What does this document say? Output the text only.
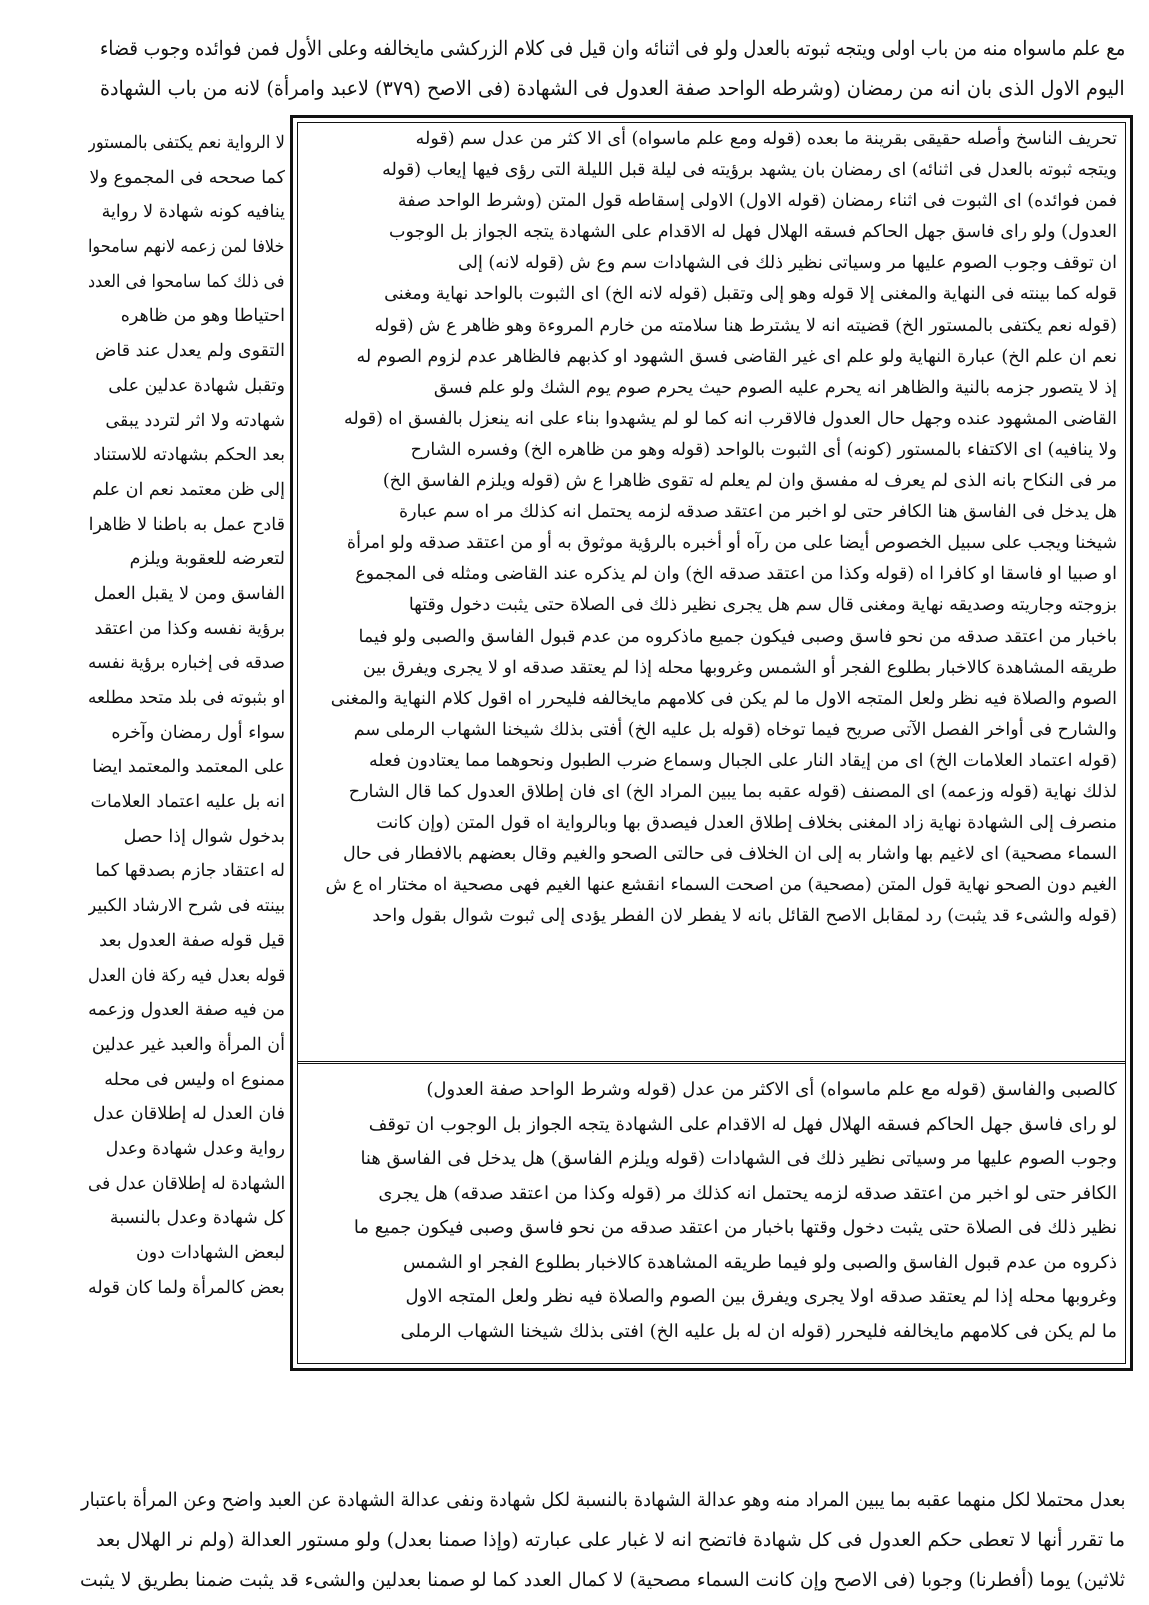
مع علم ماسواه منه من باب اولى ويتجه ثبوته بالعدل ولو فى اثنائه وان قيل فى كلام الزركشى مايخالفه وعلى الأول فمن فوائده وجوب قضاء
اليوم الاول الذى بان انه من رمضان (وشرطه الواحد صفة العدول فى الشهادة (فى الاصح (٣٧٩) لاعبد وامرأة) لانه من باب الشهادة
تحريف الناسخ وأصله حقيقى بقرينة ما بعده (قوله ومع علم ماسواه) أى الا كثر من عدل سم (قوله
ويتجه ثبوته بالعدل فى اثنائه) اى رمضان بان يشهد برؤيته فى ليلة قبل الليلة التى رؤى فيها إيعاب (قوله
فمن فوائده) اى الثبوت فى اثناء رمضان (قوله الاول) الاولى إسقاطه قول المتن (وشرط الواحد صفة
العدول) ولو راى فاسق جهل الحاكم فسقه الهلال فهل له الاقدام على الشهادة يتجه الجواز بل الوجوب
ان توقف وجوب الصوم عليها مر وسياتى نظير ذلك فى الشهادات سم وع ش (قوله لانه) إلى
قوله كما بينته فى النهاية والمغنى إلا قوله وهو إلى وتقبل (قوله لانه الخ) اى الثبوت بالواحد نهاية ومغنى
(قوله نعم يكتفى بالمستور الخ) قضيته انه لا يشترط هنا سلامته من خارم المروءة وهو ظاهر ع ش (قوله
نعم ان علم الخ) عبارة النهاية ولو علم اى غير القاضى فسق الشهود او كذبهم فالظاهر عدم لزوم الصوم له
إذ لا يتصور جزمه بالنية والظاهر انه يحرم عليه الصوم حيث يحرم صوم يوم الشك ولو علم فسق
القاضى المشهود عنده وجهل حال العدول فالاقرب انه كما لو لم يشهدوا بناء على انه ينعزل بالفسق اه (قوله
ولا ينافيه) اى الاكتفاء بالمستور (كونه) أى الثبوت بالواحد (قوله وهو من ظاهره الخ) وفسره الشارح
مر فى النكاح بانه الذى لم يعرف له مفسق وان لم يعلم له تقوى ظاهرا ع ش (قوله ويلزم الفاسق الخ)
هل يدخل فى الفاسق هنا الكافر حتى لو اخبر من اعتقد صدقه لزمه يحتمل انه كذلك مر اه سم عبارة
شيخنا ويجب على سبيل الخصوص أيضا على من رآه أو أخبره بالرؤية موثوق به أو من اعتقد صدقه ولو امرأة
او صبيا او فاسقا او كافرا اه (قوله وكذا من اعتقد صدقه الخ) وان لم يذكره عند القاضى ومثله فى المجموع
بزوجته وجاريته وصديقه نهاية ومغنى قال سم هل يجرى نظير ذلك فى الصلاة حتى يثبت دخول وقتها
باخبار من اعتقد صدقه من نحو فاسق وصبى فيكون جميع ماذكروه من عدم قبول الفاسق والصبى ولو فيما
طريقه المشاهدة كالاخبار بطلوع الفجر أو الشمس وغروبها محله إذا لم يعتقد صدقه او لا يجرى ويفرق بين
الصوم والصلاة فيه نظر ولعل المتجه الاول ما لم يكن فى كلامهم مايخالفه فليحرر اه اقول كلام النهاية والمغنى
والشارح فى أواخر الفصل الآتى صريح فيما توخاه (قوله بل عليه الخ) أفتى بذلك شيخنا الشهاب الرملى سم
(قوله اعتماد العلامات الخ) اى من إيقاد النار على الجبال وسماع ضرب الطبول ونحوهما مما يعتادون فعله
لذلك نهاية (قوله وزعمه) اى المصنف (قوله عقبه بما يبين المراد الخ) اى فان إطلاق العدول كما قال الشارح
منصرف إلى الشهادة نهاية زاد المغنى بخلاف إطلاق العدل فيصدق بها وبالرواية اه قول المتن (وإن كانت
السماء مصحية) اى لاغيم بها واشار به إلى ان الخلاف فى حالتى الصحو والغيم وقال بعضهم بالافطار فى حال
الغيم دون الصحو نهاية قول المتن (مصحية) من اصحت السماء انقشع عنها الغيم فهى مصحية اه مختار اه ع ش
(قوله والشىء قد يثبت) رد لمقابل الاصح القائل بانه لا يفطر لان الفطر يؤدى إلى ثبوت شوال بقول واحد
كالصبى والفاسق (قوله مع علم ماسواه) أى الاكثر من عدل (قوله وشرط الواحد صفة العدول)
لو راى فاسق جهل الحاكم فسقه الهلال فهل له الاقدام على الشهادة يتجه الجواز بل الوجوب ان توقف
وجوب الصوم عليها مر وسياتى نظير ذلك فى الشهادات (قوله ويلزم الفاسق) هل يدخل فى الفاسق هنا
الكافر حتى لو اخبر من اعتقد صدقه لزمه يحتمل انه كذلك مر (قوله وكذا من اعتقد صدقه) هل يجرى
نظير ذلك فى الصلاة حتى يثبت دخول وقتها باخبار من اعتقد صدقه من نحو فاسق وصبى فيكون جميع ما
ذكروه من عدم قبول الفاسق والصبى ولو فيما طريقه المشاهدة كالاخبار بطلوع الفجر او الشمس
وغروبها محله إذا لم يعتقد صدقه اولا يجرى ويفرق بين الصوم والصلاة فيه نظر ولعل المتجه الاول
ما لم يكن فى كلامهم مايخالفه فليحرر (قوله ان له بل عليه الخ) افتى بذلك شيخنا الشهاب الرملى
لا الرواية نعم يكتفى بالمستور
كما صححه فى المجموع ولا
ينافيه كونه شهادة لا رواية
خلافا لمن زعمه لانهم سامحوا
فى ذلك كما سامحوا فى العدد
احتياطا وهو من ظاهره
التقوى ولم يعدل عند قاض
وتقبل شهادة عدلين على
شهادته ولا اثر لتردد يبقى
بعد الحكم بشهادته للاستناد
إلى ظن معتمد نعم ان علم
قادح عمل به باطنا لا ظاهرا
لتعرضه للعقوبة ويلزم
الفاسق ومن لا يقبل العمل
برؤية نفسه وكذا من اعتقد
صدقه فى إخباره برؤية نفسه
او بثبوته فى بلد متحد مطلعه
سواء أول رمضان وآخره
على المعتمد والمعتمد ايضا
انه بل عليه اعتماد العلامات
بدخول شوال إذا حصل
له اعتقاد جازم بصدقها كما
بينته فى شرح الارشاد الكبير
قيل قوله صفة العدول بعد
قوله بعدل فيه ركة فان العدل
من فيه صفة العدول وزعمه
أن المرأة والعبد غير عدلين
ممنوع اه وليس فى محله
فان العدل له إطلاقان عدل
رواية وعدل شهادة وعدل
الشهادة له إطلاقان عدل فى
كل شهادة وعدل بالنسبة
لبعض الشهادات دون
بعض كالمرأة ولما كان قوله
بعدل محتملا لكل منهما عقبه بما يبين المراد منه وهو عدالة الشهادة بالنسبة لكل شهادة ونفى عدالة الشهادة عن العبد واضح وعن المرأة باعتبار
ما تقرر أنها لا تعطى حكم العدول فى كل شهادة فاتضح انه لا غبار على عبارته (وإذا صمنا بعدل) ولو مستور العدالة (ولم نر الهلال بعد
ثلاثين) يوما (أفطرنا) وجوبا (فى الاصح وإن كانت السماء مصحية) لا كمال العدد كما لو صمنا بعدلين والشىء قد يثبت ضمنا بطريق لا يثبت
